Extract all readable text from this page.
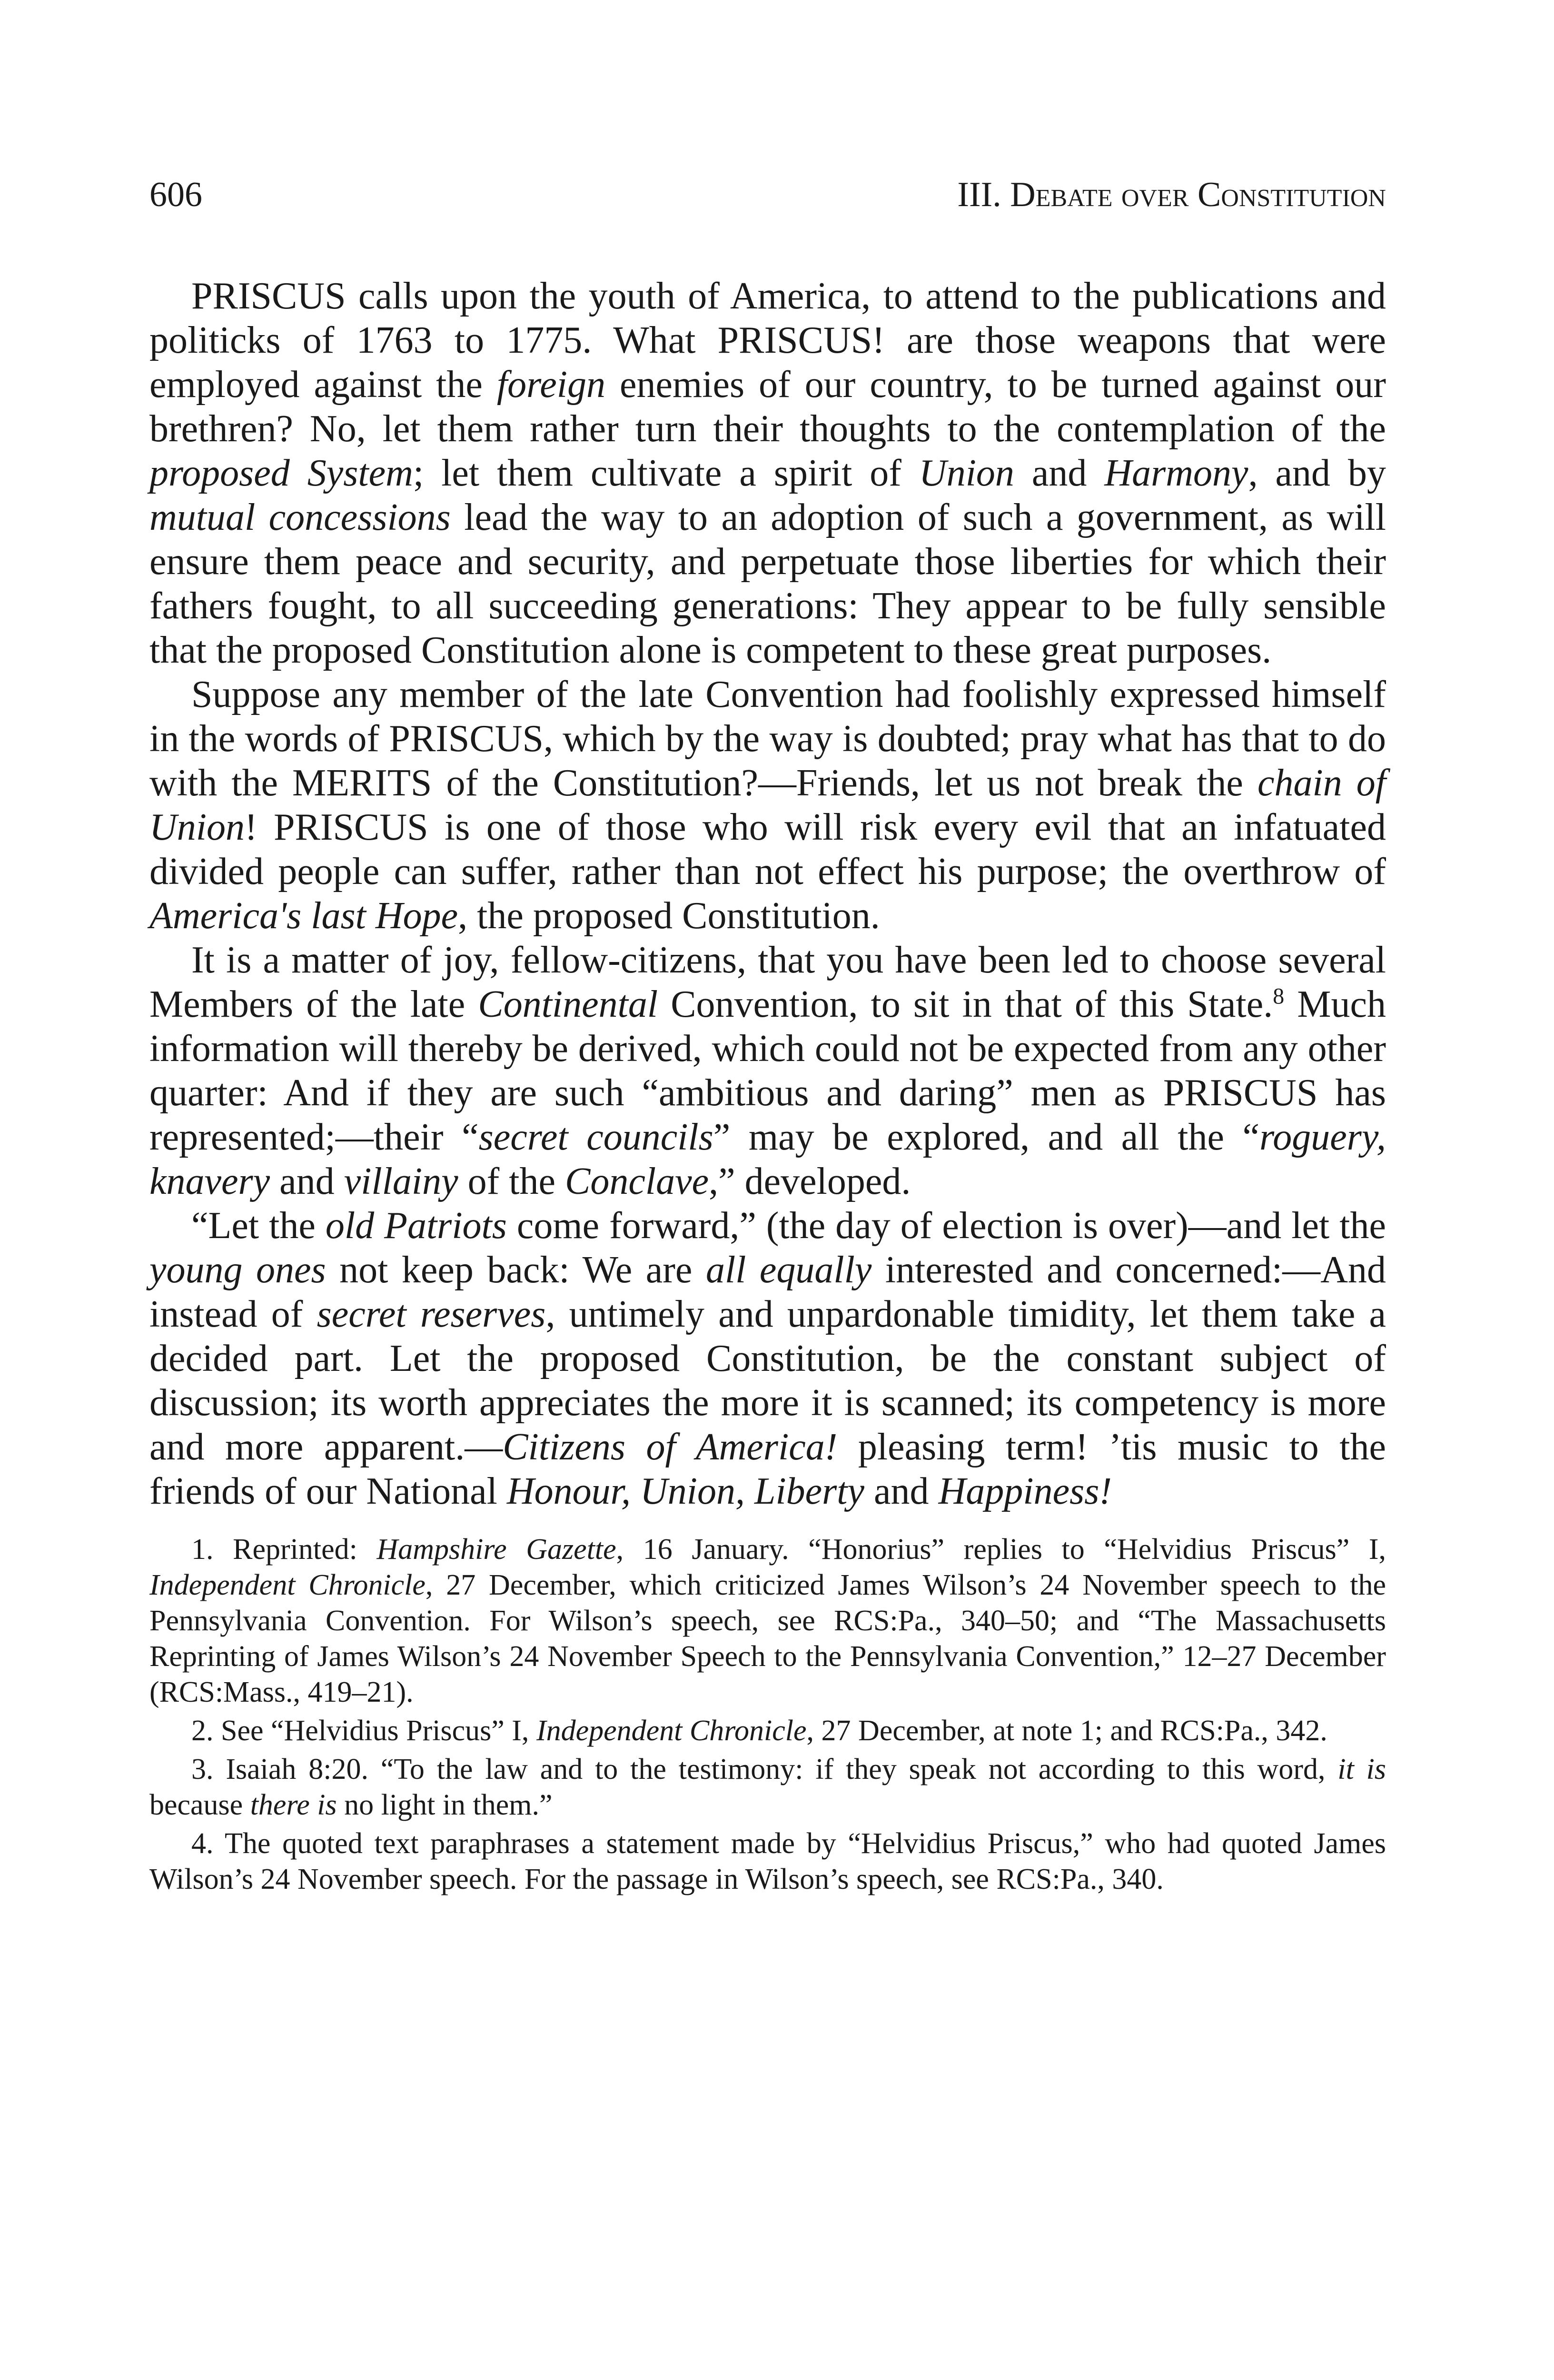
606	III. Debate over Constitution

PRISCUS calls upon the youth of America, to attend to the publications and politicks of 1763 to 1775. What PRISCUS! are those weapons that were employed against the foreign enemies of our country, to be turned against our brethren? No, let them rather turn their thoughts to the contemplation of the proposed System; let them cultivate a spirit of Union and Harmony, and by mutual concessions lead the way to an adoption of such a government, as will ensure them peace and security, and perpetuate those liberties for which their fathers fought, to all succeeding generations: They appear to be fully sensible that the proposed Constitution alone is competent to these great purposes.

Suppose any member of the late Convention had foolishly expressed himself in the words of PRISCUS, which by the way is doubted; pray what has that to do with the MERITS of the Constitution?—Friends, let us not break the chain of Union! PRISCUS is one of those who will risk every evil that an infatuated divided people can suffer, rather than not effect his purpose; the overthrow of America's last Hope, the proposed Constitution.

It is a matter of joy, fellow-citizens, that you have been led to choose several Members of the late Continental Convention, to sit in that of this State.$^8$ Much information will thereby be derived, which could not be expected from any other quarter: And if they are such “ambitious and daring” men as PRISCUS has represented;—their “secret councils” may be explored, and all the “roguery, knavery and villainy of the Conclave,” developed.

“Let the old Patriots come forward,” (the day of election is over)—and let the young ones not keep back: We are all equally interested and concerned:—And instead of secret reserves, untimely and unpardonable timidity, let them take a decided part. Let the proposed Constitution, be the constant subject of discussion; its worth appreciates the more it is scanned; its competency is more and more apparent.—Citizens of America! pleasing term! ’tis music to the friends of our National Honour, Union, Liberty and Happiness!

1. Reprinted: Hampshire Gazette, 16 January. “Honorius” replies to “Helvidius Priscus” I, Independent Chronicle, 27 December, which criticized James Wilson’s 24 November speech to the Pennsylvania Convention. For Wilson’s speech, see RCS:Pa., 340–50; and “The Massachusetts Reprinting of James Wilson’s 24 November Speech to the Pennsylvania Convention,” 12–27 December (RCS:Mass., 419–21).

2. See “Helvidius Priscus” I, Independent Chronicle, 27 December, at note 1; and RCS:Pa., 342.

3. Isaiah 8:20. “To the law and to the testimony: if they speak not according to this word, it is because there is no light in them.”

4. The quoted text paraphrases a statement made by “Helvidius Priscus,” who had quoted James Wilson’s 24 November speech. For the passage in Wilson’s speech, see RCS:Pa., 340.
